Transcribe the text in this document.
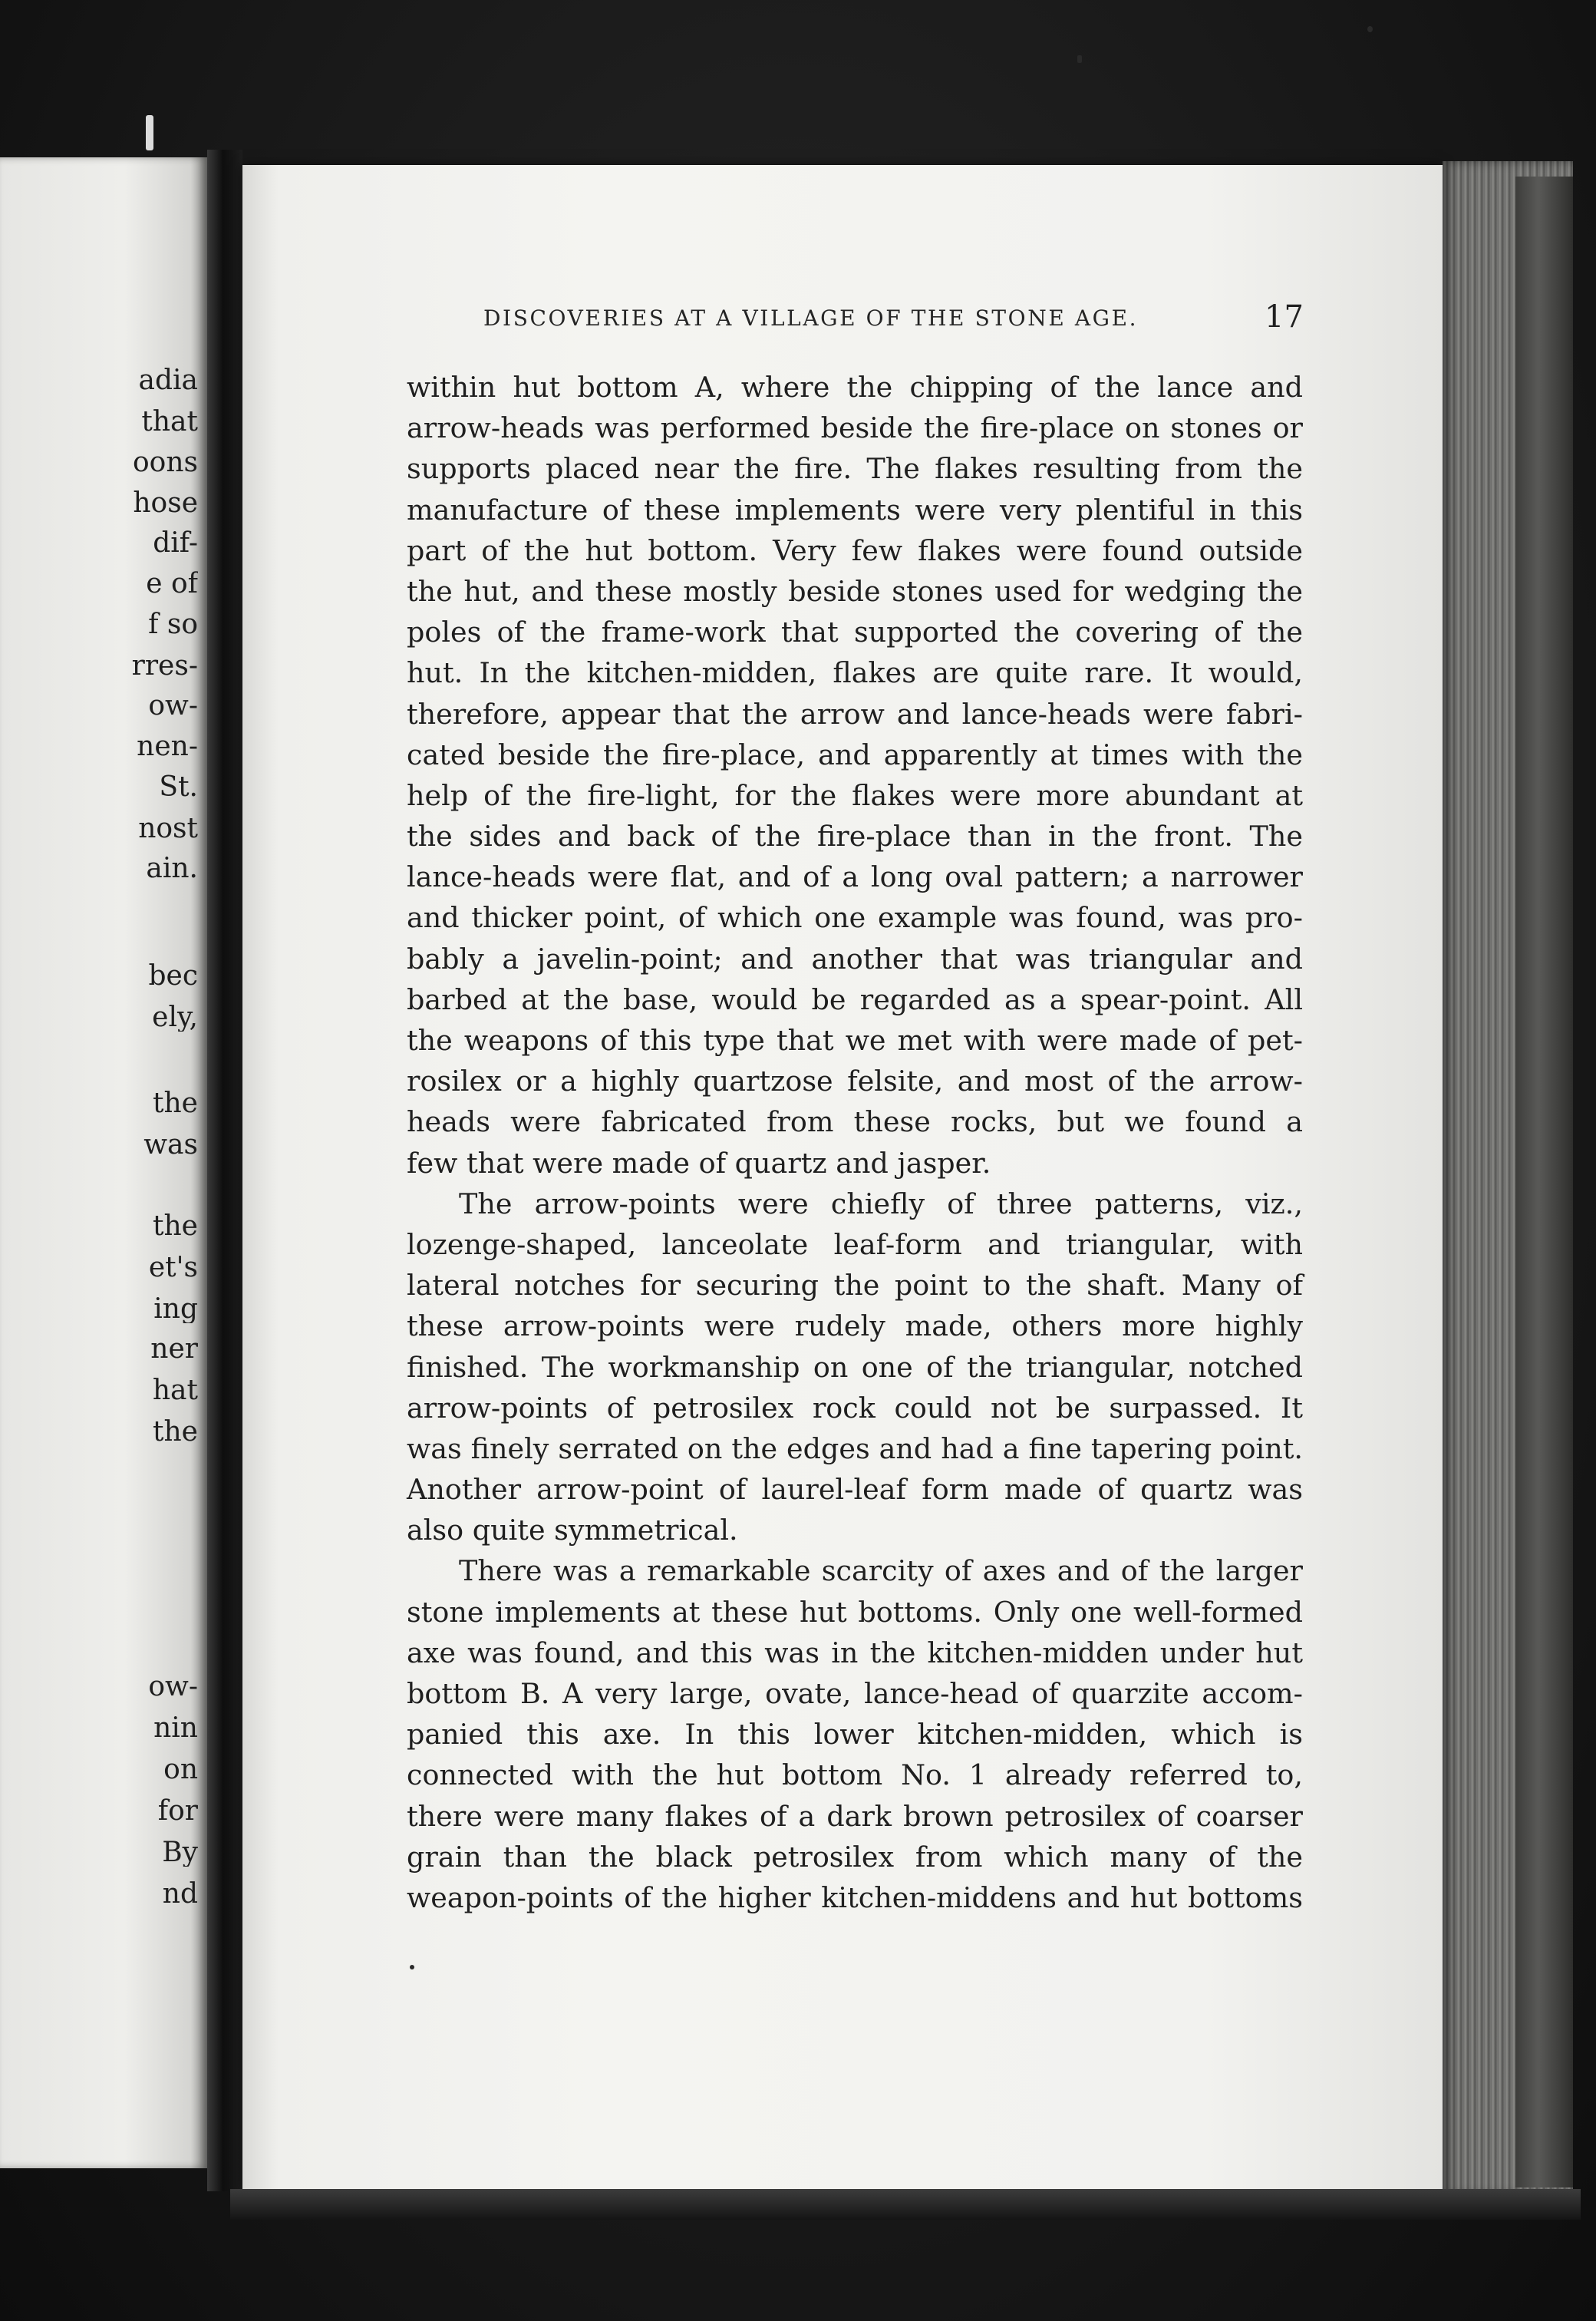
adia
that
oons
hose
dif-
e of
f so
rres-
ow-
nen-
St.
nost
ain.
bec
ely,
the
was
the
et's
ing
ner
hat
the
ow-
nin
on
for
By
nd
DISCOVERIES AT A VILLAGE OF THE STONE AGE.	17
within hut bottom A, where the chipping of the lance and
arrow-heads was performed beside the fire-place on stones or
supports placed near the fire. The flakes resulting from the
manufacture of these implements were very plentiful in this
part of the hut bottom. Very few flakes were found outside
the hut, and these mostly beside stones used for wedging the
poles of the frame-work that supported the covering of the
hut. In the kitchen-midden, flakes are quite rare. It would,
therefore, appear that the arrow and lance-heads were fabri-
cated beside the fire-place, and apparently at times with the
help of the fire-light, for the flakes were more abundant at
the sides and back of the fire-place than in the front. The
lance-heads were flat, and of a long oval pattern; a narrower
and thicker point, of which one example was found, was pro-
bably a javelin-point; and another that was triangular and
barbed at the base, would be regarded as a spear-point. All
the weapons of this type that we met with were made of pet-
rosilex or a highly quartzose felsite, and most of the arrow-
heads were fabricated from these rocks, but we found a
few that were made of quartz and jasper.
The arrow-points were chiefly of three patterns, viz.,
lozenge-shaped, lanceolate leaf-form and triangular, with
lateral notches for securing the point to the shaft. Many of
these arrow-points were rudely made, others more highly
finished. The workmanship on one of the triangular, notched
arrow-points of petrosilex rock could not be surpassed. It
was finely serrated on the edges and had a fine tapering point.
Another arrow-point of laurel-leaf form made of quartz was
also quite symmetrical.
There was a remarkable scarcity of axes and of the larger
stone implements at these hut bottoms. Only one well-formed
axe was found, and this was in the kitchen-midden under hut
bottom B. A very large, ovate, lance-head of quarzite accom-
panied this axe. In this lower kitchen-midden, which is
connected with the hut bottom No. 1 already referred to,
there were many flakes of a dark brown petrosilex of coarser
grain than the black petrosilex from which many of the
weapon-points of the higher kitchen-middens and hut bottoms
